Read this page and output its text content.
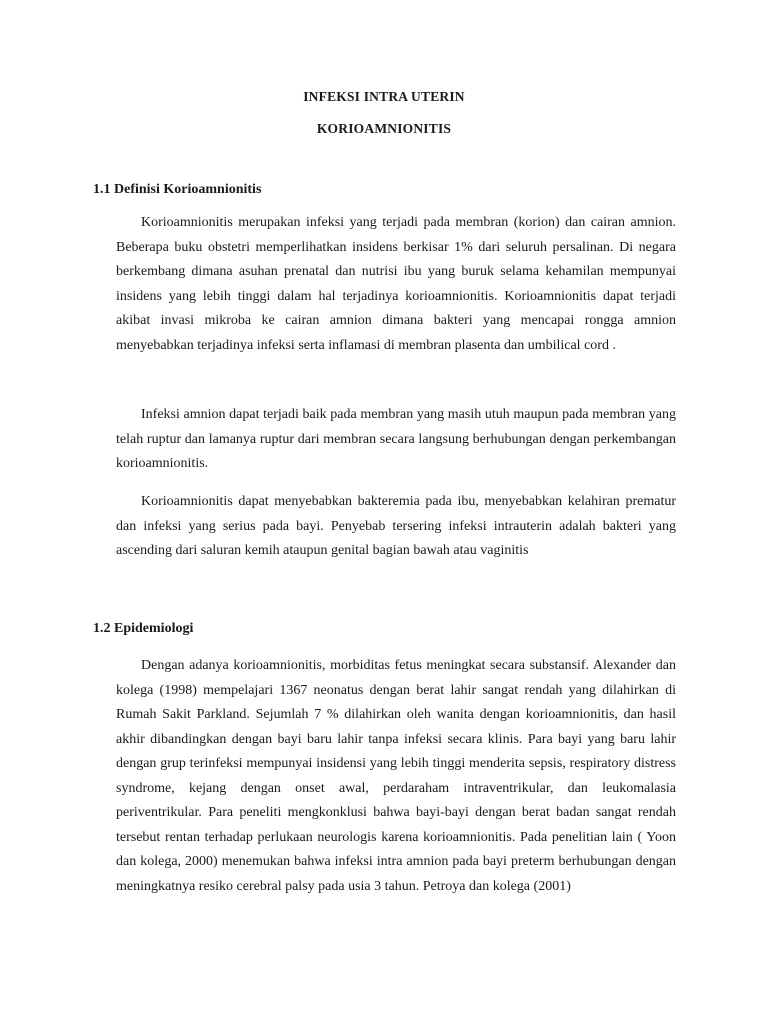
INFEKSI INTRA UTERIN
KORIOAMNIONITIS
1.1 Definisi Korioamnionitis

Korioamnionitis merupakan infeksi yang terjadi pada membran (korion) dan cairan amnion. Beberapa buku obstetri memperlihatkan insidens berkisar 1% dari seluruh persalinan. Di negara berkembang dimana asuhan prenatal dan nutrisi ibu yang buruk selama kehamilan mempunyai insidens yang lebih tinggi dalam hal terjadinya korioamnionitis. Korioamnionitis dapat terjadi akibat invasi mikroba ke cairan amnion dimana bakteri yang mencapai rongga amnion menyebabkan terjadinya infeksi serta inflamasi di membran plasenta dan umbilical cord .

Infeksi amnion dapat terjadi baik pada membran yang masih utuh maupun pada membran yang telah ruptur dan lamanya ruptur dari membran secara langsung berhubungan dengan perkembangan korioamnionitis.

Korioamnionitis dapat menyebabkan bakteremia pada ibu, menyebabkan kelahiran prematur dan infeksi yang serius pada bayi. Penyebab tersering infeksi intrauterin adalah bakteri yang ascending dari saluran kemih ataupun genital bagian bawah atau vaginitis

1.2 Epidemiologi

Dengan adanya korioamnionitis, morbiditas fetus meningkat secara substansif. Alexander dan kolega (1998) mempelajari 1367 neonatus dengan berat lahir sangat rendah yang dilahirkan di Rumah Sakit Parkland. Sejumlah 7 % dilahirkan oleh wanita dengan korioamnionitis, dan hasil akhir dibandingkan dengan bayi baru lahir tanpa infeksi secara klinis. Para bayi yang baru lahir dengan grup terinfeksi mempunyai insidensi yang lebih tinggi menderita sepsis, respiratory distress syndrome, kejang dengan onset awal, perdaraham intraventrikular, dan leukomalasia periventrikular. Para peneliti mengkonklusi bahwa bayi-bayi dengan berat badan sangat rendah tersebut rentan terhadap perlukaan neurologis karena korioamnionitis. Pada penelitian lain ( Yoon dan kolega, 2000) menemukan bahwa infeksi intra amnion pada bayi preterm berhubungan dengan meningkatnya resiko cerebral palsy pada usia 3 tahun. Petroya dan kolega (2001)
